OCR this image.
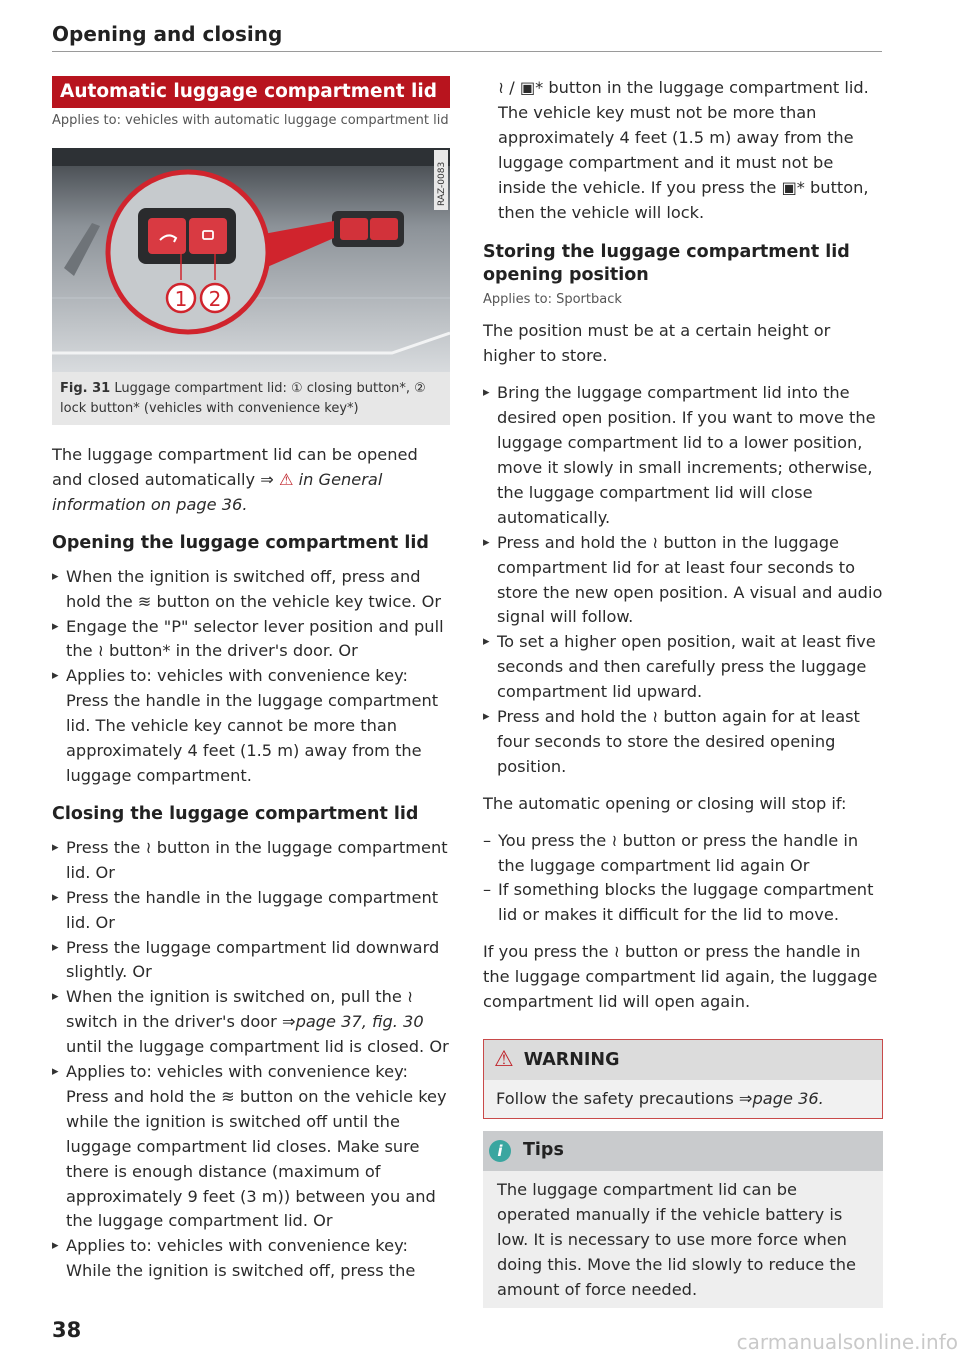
Opening and closing
Automatic luggage compartment lid

Applies to: vehicles with automatic luggage compartment lid

1 2
RAZ-0083
Fig. 31 Luggage compartment lid: ① closing button*, ② lock button* (vehicles with convenience key*)

The luggage compartment lid can be opened and closed automatically ⇒ ⚠ in General information on page 36.

Opening the luggage compartment lid
▸ When the ignition is switched off, press and hold the ≋ button on the vehicle key twice. Or
▸ Engage the "P" selector lever position and pull the ≀ button* in the driver's door. Or
▸ Applies to: vehicles with convenience key: Press the handle in the luggage compartment lid. The vehicle key cannot be more than approximately 4 feet (1.5 m) away from the luggage compartment.
Closing the luggage compartment lid
▸ Press the ≀ button in the luggage compartment lid. Or
▸ Press the handle in the luggage compartment lid. Or
▸ Press the luggage compartment lid downward slightly. Or
▸ When the ignition is switched on, pull the ≀ switch in the driver's door ⇒page 37, fig. 30 until the luggage compartment lid is closed. Or
▸ Applies to: vehicles with convenience key: Press and hold the ≋ button on the vehicle key while the ignition is switched off until the luggage compartment lid closes. Make sure there is enough distance (maximum of approximately 9 feet (3 m)) between you and the luggage compartment lid. Or
▸ Applies to: vehicles with convenience key: While the ignition is switched off, press the

≀ / ▣* button in the luggage compartment lid. The vehicle key must not be more than approximately 4 feet (1.5 m) away from the luggage compartment and it must not be inside the vehicle. If you press the ▣* button, then the vehicle will lock.

Storing the luggage compartment lid opening position

Applies to: Sportback

The position must be at a certain height or higher to store.

▸ Bring the luggage compartment lid into the desired open position. If you want to move the luggage compartment lid to a lower position, move it slowly in small increments; otherwise, the luggage compartment lid will close automatically.
▸ Press and hold the ≀ button in the luggage compartment lid for at least four seconds to store the new open position. A visual and audio signal will follow.
▸ To set a higher open position, wait at least five seconds and then carefully press the luggage compartment lid upward.
▸ Press and hold the ≀ button again for at least four seconds to store the desired opening position.

The automatic opening or closing will stop if:

– You press the ≀ button or press the handle in the luggage compartment lid again Or
– If something blocks the luggage compartment lid or makes it difficult for the lid to move.

If you press the ≀ button or press the handle in the luggage compartment lid again, the luggage compartment lid will open again.

⚠ WARNING
Follow the safety precautions ⇒page 36.
i	Tips
The luggage compartment lid can be operated manually if the vehicle battery is low. It is necessary to use more force when doing this. Move the lid slowly to reduce the amount of force needed.
38	carmanualsonline.info
